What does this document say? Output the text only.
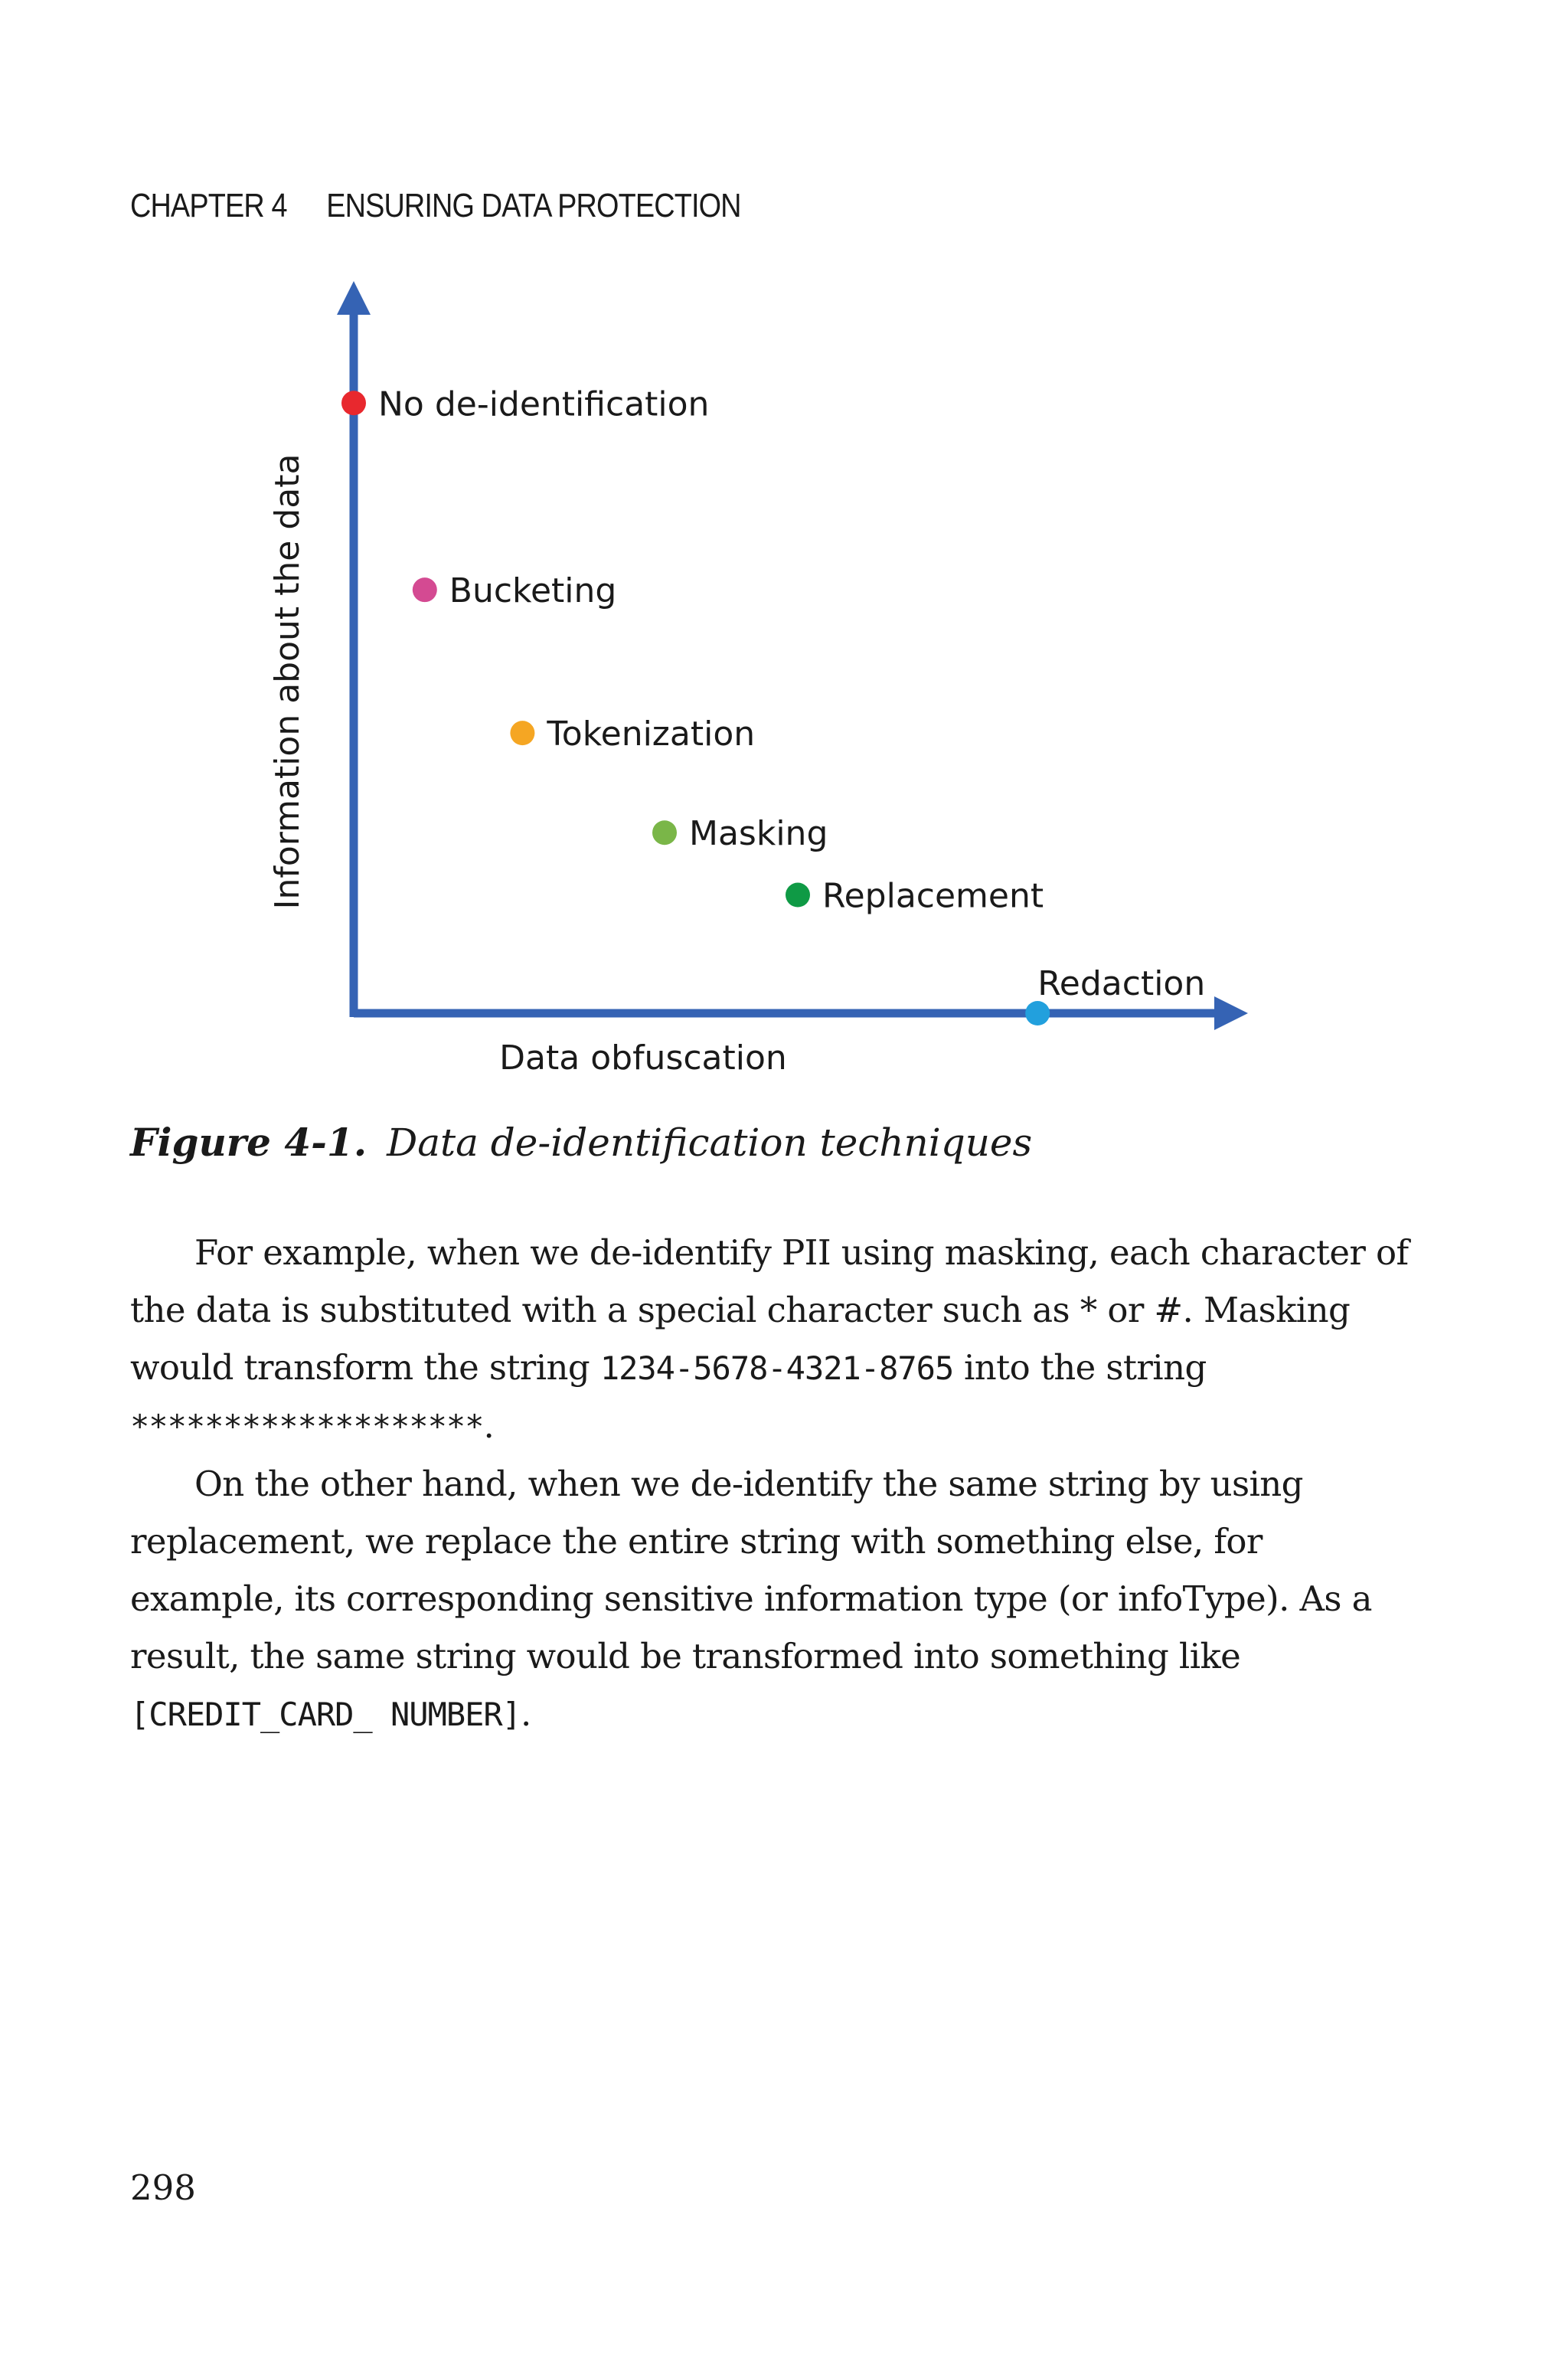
CHAPTER 4 ENSURING DATA PROTECTION
No de-identification
Bucketing
Tokenization
Masking
Replacement
Redaction
Data obfuscation
Information about the data
Figure 4-1. Data de-identification techniques

For example, when we de-identify PII using masking, each character of the data is substituted with a special character such as * or #. Masking would transform the string 1234-5678-4321-8765 into the string *******************.

On the other hand, when we de-identify the same string by using replacement, we replace the entire string with something else, for example, its corresponding sensitive information type (or infoType). As a result, the same string would be transformed into something like [CREDIT_CARD_ NUMBER].

298
